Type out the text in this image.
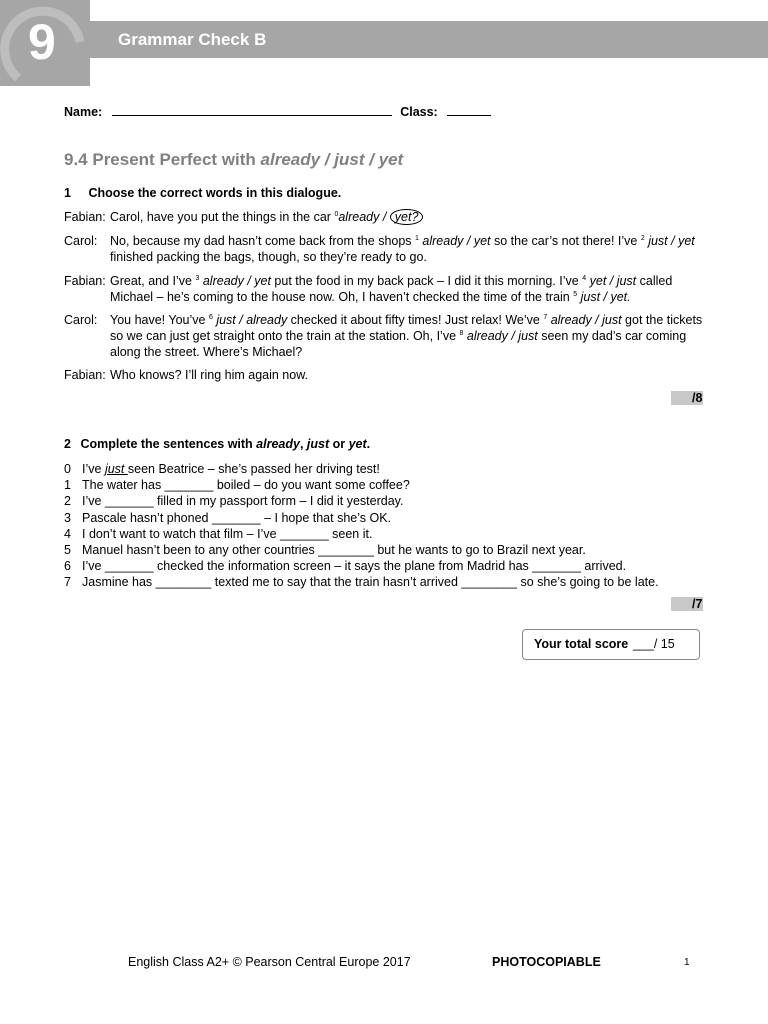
9	Grammar Check B
Name:	Class:
9.4 Present Perfect with already / just / yet
1 Choose the correct words in this dialogue.
Fabian: Carol, have you put the things in the car $^0$already / yet?
Carol: No, because my dad hasn’t come back from the shops $^1$ already / yet so the car’s not there! I’ve $^2$ just / yet finished packing the bags, though, so they’re ready to go.
Fabian: Great, and I’ve $^3$ already / yet put the food in my back pack – I did it this morning. I’ve $^4$ yet / just called Michael – he’s coming to the house now. Oh, I haven’t checked the time of the train $^5$ just / yet.
Carol: You have! You’ve $^6$ just / already checked it about fifty times! Just relax! We’ve $^7$ already / just got the tickets so we can just get straight onto the train at the station. Oh, I’ve $^8$ already / just seen my dad’s car coming along the street. Where’s Michael?
Fabian: Who knows? I’ll ring him again now.
/8
2 Complete the sentences with already, just or yet.
0 I’ve just seen Beatrice – she’s passed her driving test!
1 The water has _______ boiled – do you want some coffee?
2 I’ve _______ filled in my passport form – I did it yesterday.
3 Pascale hasn’t phoned _______ – I hope that she’s OK.
4 I don’t want to watch that film – I’ve _______ seen it.
5 Manuel hasn’t been to any other countries ________ but he wants to go to Brazil next year.
6 I’ve _______ checked the information screen – it says the plane from Madrid has _______ arrived.
7 Jasmine has ________ texted me to say that the train hasn’t arrived ________ so she’s going to be late.
/7
Your total score ___/ 15
English Class A2+ © Pearson Central Europe 2017	PHOTOCOPIABLE	1
